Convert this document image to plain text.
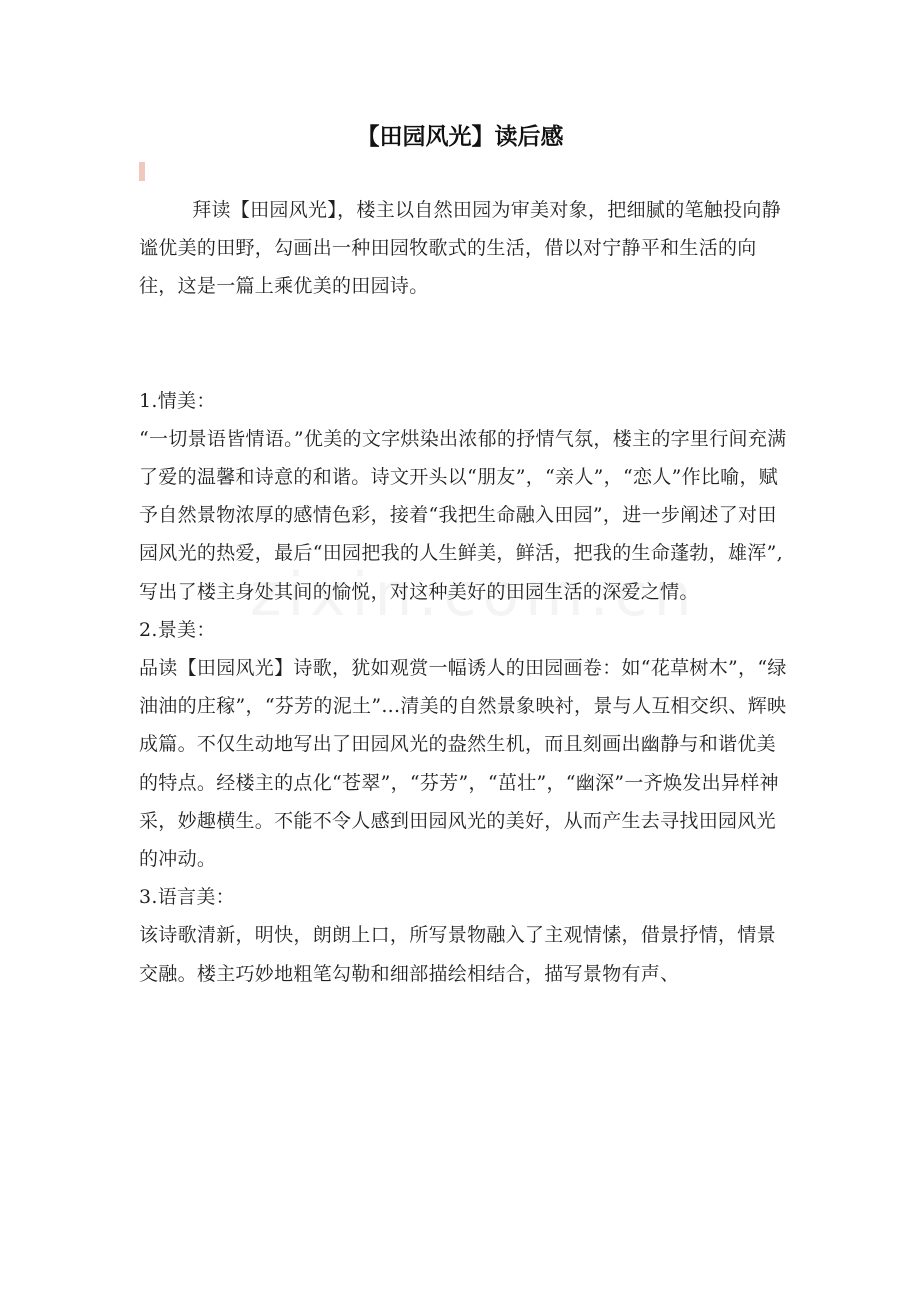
【田园风光】读后感

拜读【田园风光】，楼主以自然田园为审美对象，把细腻的笔触投向静谧优美的田野，勾画出一种田园牧歌式的生活，借以对宁静平和生活的向往，这是一篇上乘优美的田园诗。

1.情美：

“一切景语皆情语。”优美的文字烘染出浓郁的抒情气氛，楼主的字里行间充满了爱的温馨和诗意的和谐。诗文开头以“朋友”，“亲人”，“恋人”作比喻，赋予自然景物浓厚的感情色彩，接着“我把生命融入田园”，进一步阐述了对田园风光的热爱，最后“田园把我的人生鲜美，鲜活，把我的生命蓬勃，雄浑”,写出了楼主身处其间的愉悦，对这种美好的田园生活的深爱之情。

2.景美：

品读【田园风光】诗歌，犹如观赏一幅诱人的田园画卷：如“花草树木”，“绿油油的庄稼”，“芬芳的泥土”...清美的自然景象映衬，景与人互相交织、辉映成篇。不仅生动地写出了田园风光的盎然生机，而且刻画出幽静与和谐优美的特点。经楼主的点化“苍翠”，“芬芳”，“茁壮”，“幽深”一齐焕发出异样神采，妙趣横生。不能不令人感到田园风光的美好，从而产生去寻找田园风光的冲动。

3.语言美：

该诗歌清新，明快，朗朗上口，所写景物融入了主观情愫，借景抒情，情景交融。楼主巧妙地粗笔勾勒和细部描绘相结合，描写景物有声、
